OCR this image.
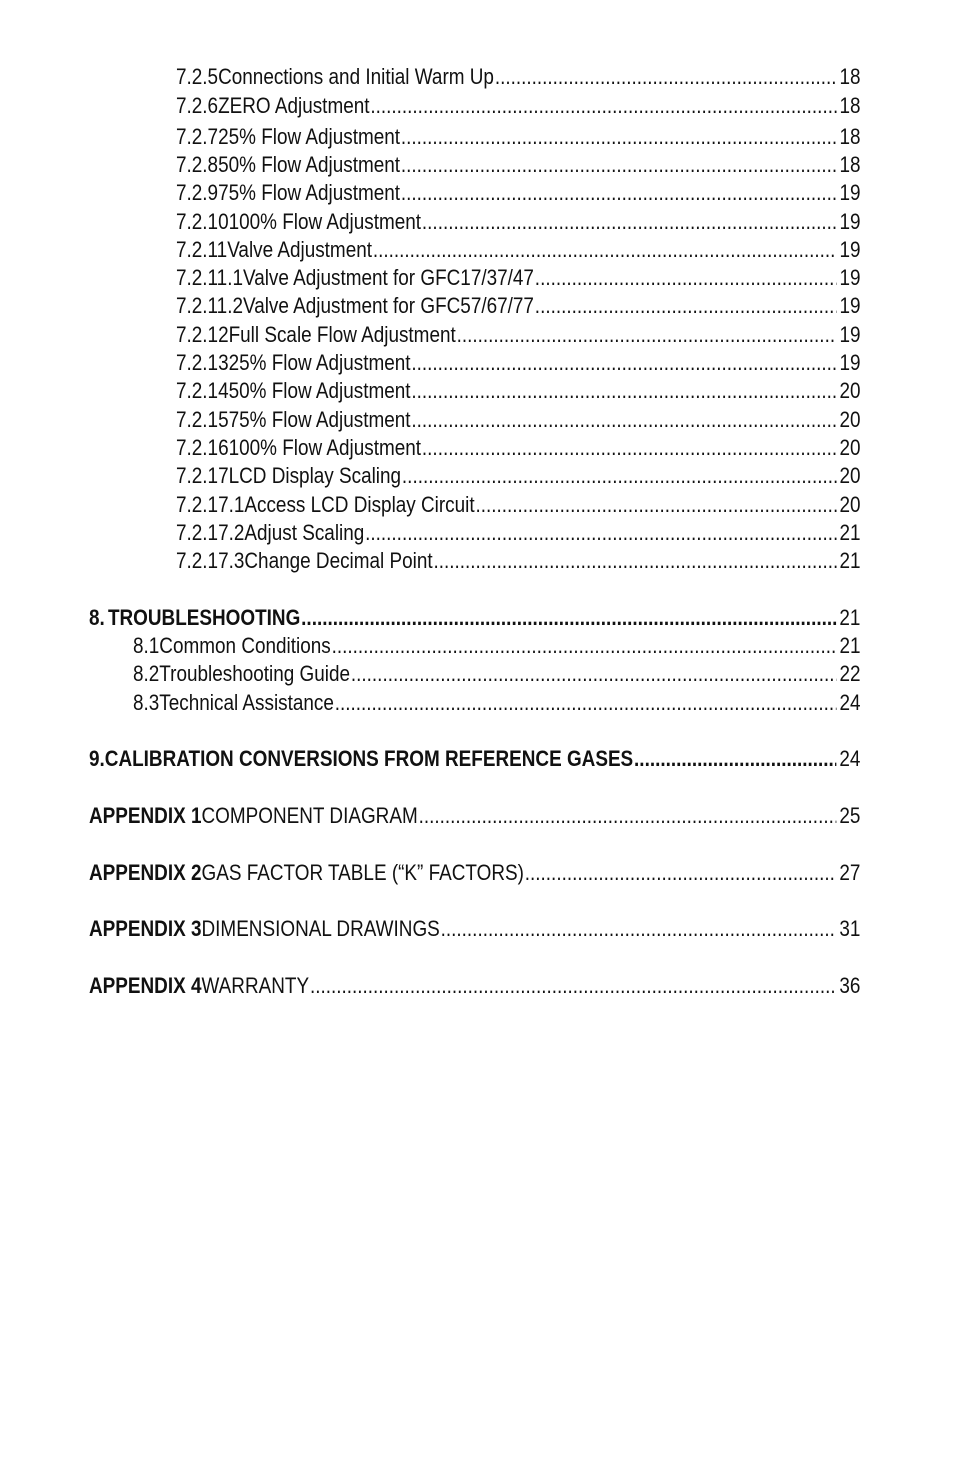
7.2.5 Connections and Initial Warm Up .....	18
7.2.6 ZERO Adjustment .....	18
7.2.7 25% Flow Adjustment .....	18
7.2.8 50% Flow Adjustment .....	18
7.2.9 75% Flow Adjustment .....	19
7.2.10 100% Flow Adjustment .....	19
7.2.11 Valve Adjustment .....	19
7.2.11.1 Valve Adjustment for GFC17/37/47 .....	19
7.2.11.2 Valve Adjustment for GFC57/67/77 .....	19
7.2.12 Full Scale Flow Adjustment .....	19
7.2.13 25% Flow Adjustment .....	19
7.2.14 50% Flow Adjustment .....	20
7.2.15 75% Flow Adjustment .....	20
7.2.16 100% Flow Adjustment .....	20
7.2.17 LCD Display Scaling .....	20
7.2.17.1 Access LCD Display Circuit .....	20
7.2.17.2 Adjust Scaling .....	21
7.2.17.3 Change Decimal Point .....	21
8. TROUBLESHOOTING .....	21
8.1 Common Conditions .....	21
8.2 Troubleshooting Guide .....	22
8.3 Technical Assistance .....	24
9. CALIBRATION CONVERSIONS FROM REFERENCE GASES .....	24
APPENDIX 1 COMPONENT DIAGRAM .....	25
APPENDIX 2 GAS FACTOR TABLE (“K” FACTORS) .....	27
APPENDIX 3 DIMENSIONAL DRAWINGS .....	31
APPENDIX 4 WARRANTY .....	36
